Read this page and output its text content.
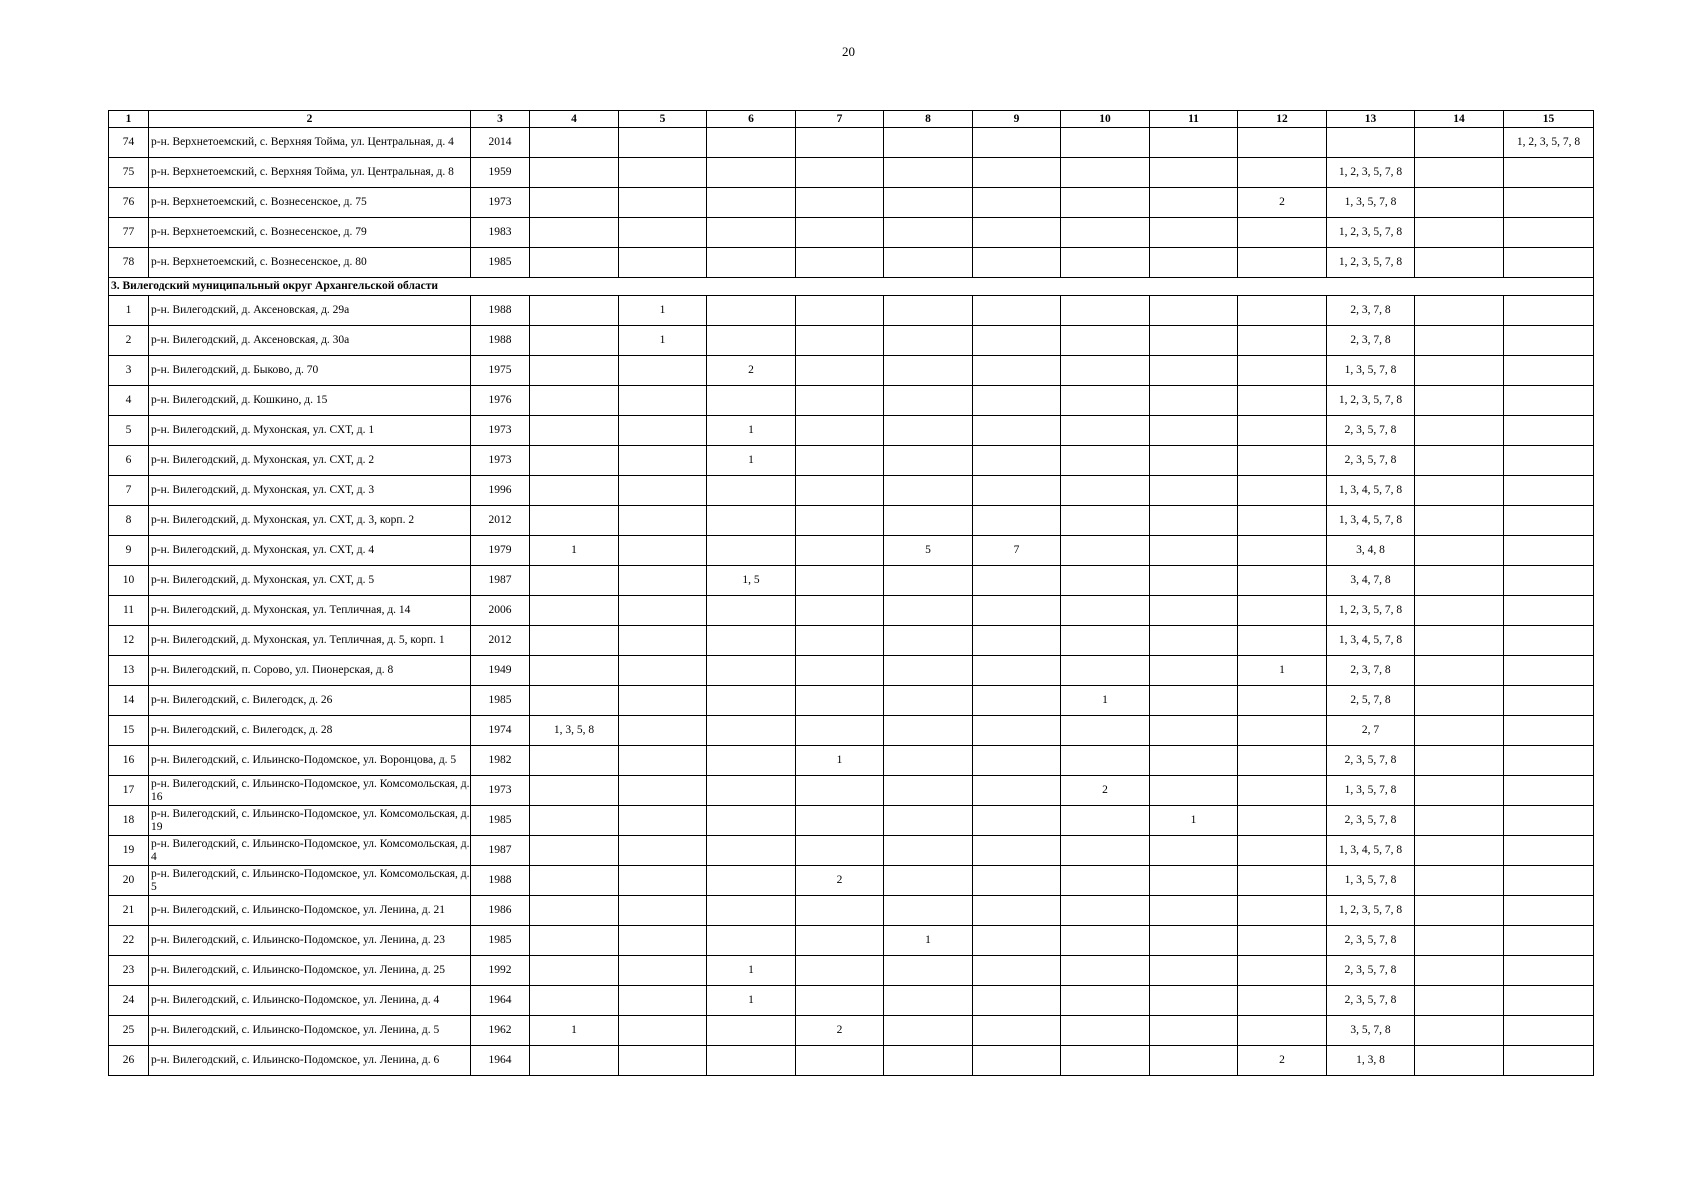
20
1	2	3	4	5	6	7	8	9	10	11	12	13	14	15
74	р-н. Верхнетоемский, с. Верхняя Тойма, ул. Центральная, д. 4	2014												1, 2, 3, 5, 7, 8
75	р-н. Верхнетоемский, с. Верхняя Тойма, ул. Центральная, д. 8	1959										1, 2, 3, 5, 7, 8		
76	р-н. Верхнетоемский, с. Вознесенское, д. 75	1973									2	1, 3, 5, 7, 8		
77	р-н. Верхнетоемский, с. Вознесенское, д. 79	1983										1, 2, 3, 5, 7, 8		
78	р-н. Верхнетоемский, с. Вознесенское, д. 80	1985										1, 2, 3, 5, 7, 8		
3. Вилегодский муниципальный округ Архангельской области														
1	р-н. Вилегодский, д. Аксеновская, д. 29а	1988		1								2, 3, 7, 8		
2	р-н. Вилегодский, д. Аксеновская, д. 30а	1988		1								2, 3, 7, 8		
3	р-н. Вилегодский, д. Быково, д. 70	1975			2							1, 3, 5, 7, 8		
4	р-н. Вилегодский, д. Кошкино, д. 15	1976										1, 2, 3, 5, 7, 8		
5	р-н. Вилегодский, д. Мухонская, ул. СХТ, д. 1	1973			1							2, 3, 5, 7, 8		
6	р-н. Вилегодский, д. Мухонская, ул. СХТ, д. 2	1973			1							2, 3, 5, 7, 8		
7	р-н. Вилегодский, д. Мухонская, ул. СХТ, д. 3	1996										1, 3, 4, 5, 7, 8		
8	р-н. Вилегодский, д. Мухонская, ул. СХТ, д. 3, корп. 2	2012										1, 3, 4, 5, 7, 8		
9	р-н. Вилегодский, д. Мухонская, ул. СХТ, д. 4	1979	1				5	7				3, 4, 8		
10	р-н. Вилегодский, д. Мухонская, ул. СХТ, д. 5	1987			1, 5							3, 4, 7, 8		
11	р-н. Вилегодский, д. Мухонская, ул. Тепличная, д. 14	2006										1, 2, 3, 5, 7, 8		
12	р-н. Вилегодский, д. Мухонская, ул. Тепличная, д. 5, корп. 1	2012										1, 3, 4, 5, 7, 8		
13	р-н. Вилегодский, п. Сорово, ул. Пионерская, д. 8	1949									1	2, 3, 7, 8		
14	р-н. Вилегодский, с. Вилегодск, д. 26	1985							1			2, 5, 7, 8		
15	р-н. Вилегодский, с. Вилегодск, д. 28	1974	1, 3, 5, 8									2, 7		
16	р-н. Вилегодский, с. Ильинско-Подомское, ул. Воронцова, д. 5	1982				1						2, 3, 5, 7, 8		
17	р-н. Вилегодский, с. Ильинско-Подомское, ул. Комсомольская, д. 16	1973							2			1, 3, 5, 7, 8		
18	р-н. Вилегодский, с. Ильинско-Подомское, ул. Комсомольская, д. 19	1985								1		2, 3, 5, 7, 8		
19	р-н. Вилегодский, с. Ильинско-Подомское, ул. Комсомольская, д. 4	1987										1, 3, 4, 5, 7, 8		
20	р-н. Вилегодский, с. Ильинско-Подомское, ул. Комсомольская, д. 5	1988				2						1, 3, 5, 7, 8		
21	р-н. Вилегодский, с. Ильинско-Подомское, ул. Ленина, д. 21	1986										1, 2, 3, 5, 7, 8		
22	р-н. Вилегодский, с. Ильинско-Подомское, ул. Ленина, д. 23	1985					1					2, 3, 5, 7, 8		
23	р-н. Вилегодский, с. Ильинско-Подомское, ул. Ленина, д. 25	1992			1							2, 3, 5, 7, 8		
24	р-н. Вилегодский, с. Ильинско-Подомское, ул. Ленина, д. 4	1964			1							2, 3, 5, 7, 8		
25	р-н. Вилегодский, с. Ильинско-Подомское, ул. Ленина, д. 5	1962	1			2						3, 5, 7, 8		
26	р-н. Вилегодский, с. Ильинско-Подомское, ул. Ленина, д. 6	1964									2	1, 3, 8		
